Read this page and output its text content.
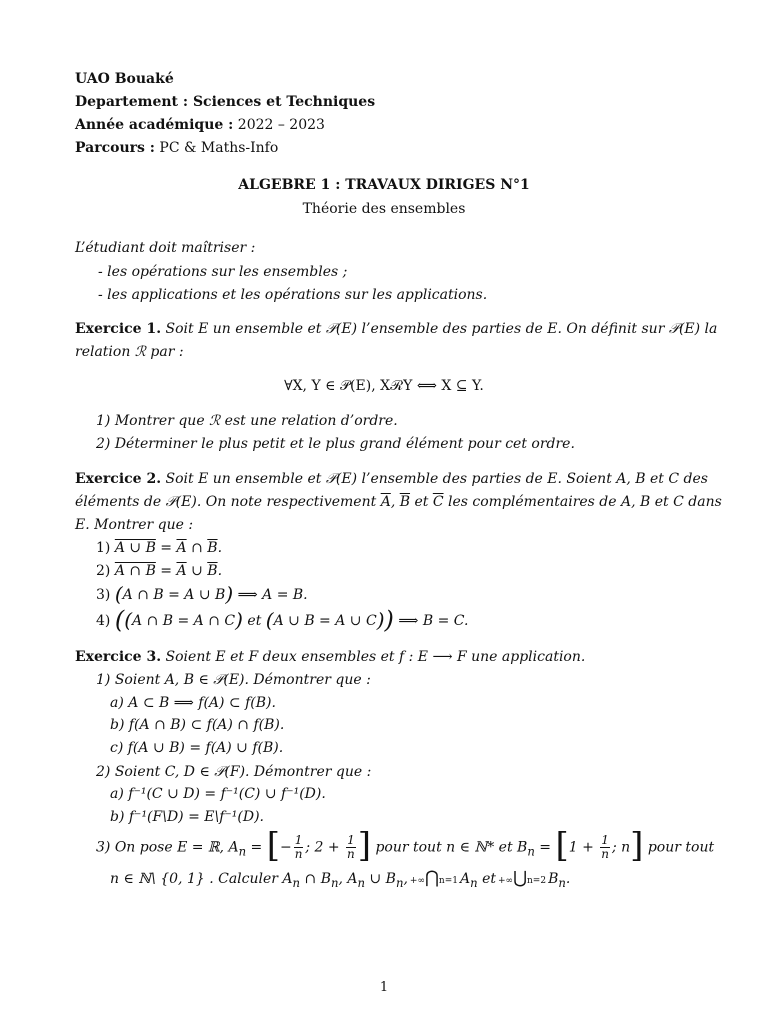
UAO Bouaké
Departement : Sciences et Techniques
Année académique : 2022 – 2023
Parcours : PC & Maths-Info
ALGEBRE 1 : TRAVAUX DIRIGES N°1
Théorie des ensembles
L’étudiant doit maîtriser :
- les opérations sur les ensembles ;
- les applications et les opérations sur les applications.
Exercice 1. Soit E un ensemble et 𝒫(E) l’ensemble des parties de E. On définit sur 𝒫(E) la
relation ℛ par :
∀X, Y ∈ 𝒫(E), XℛY ⟺ X ⊆ Y.
1) Montrer que ℛ est une relation d’ordre.
2) Déterminer le plus petit et le plus grand élément pour cet ordre.
Exercice 2. Soit E un ensemble et 𝒫(E) l’ensemble des parties de E. Soient A, B et C des
éléments de 𝒫(E). On note respectivement $\overline{A}$, $\overline{B}$ et $\overline{C}$ les complémentaires de A, B et C dans
E. Montrer que :
1) A ∪ $B = \overline{A}$ ∩ $\overline{B}$.
2) A ∩ $B = \overline{A}$ ∪ $\overline{B}$.
3) (A ∩ B = A ∪ B) ⟹ A = B.
4) ((A ∩ B = A ∩ C) et (A ∪ B = A ∪ C)) ⟹ B = C.
Exercice 3. Soient E et F deux ensembles et f : E ⟶ F une application.
1) Soient A, B ∈ 𝒫(E). Démontrer que :
a) A ⊂ B ⟹ f(A) ⊂ f(B).
b) f(A ∩ B) ⊂ f(A) ∩ f(B).
c) f(A ∪ B) = f(A) ∪ f(B).
2) Soient C, D ∈ 𝒫(F). Démontrer que :
a) f⁻¹(C ∪ D) = f⁻¹(C) ∪ f⁻¹(D).
b) f⁻¹(F\D) = E\f⁻¹(D).
3) On pose E = ℝ, $A_n$ = [− $\frac{1}{n}$ ; $2 + \frac{1}{n}$ ] pour tout n ∈ ℕ* et $B_n = [1 + \frac{1}{n}$ ; n] pour tout
n ∈ ℕ\ {0, 1} . Calculer $A_n$ ∩ $B_n$, $A_n$ ∪ $B_n$, +∞⋂n=1 $A_n$ et +∞⋃n=2 $B_n$.
1
